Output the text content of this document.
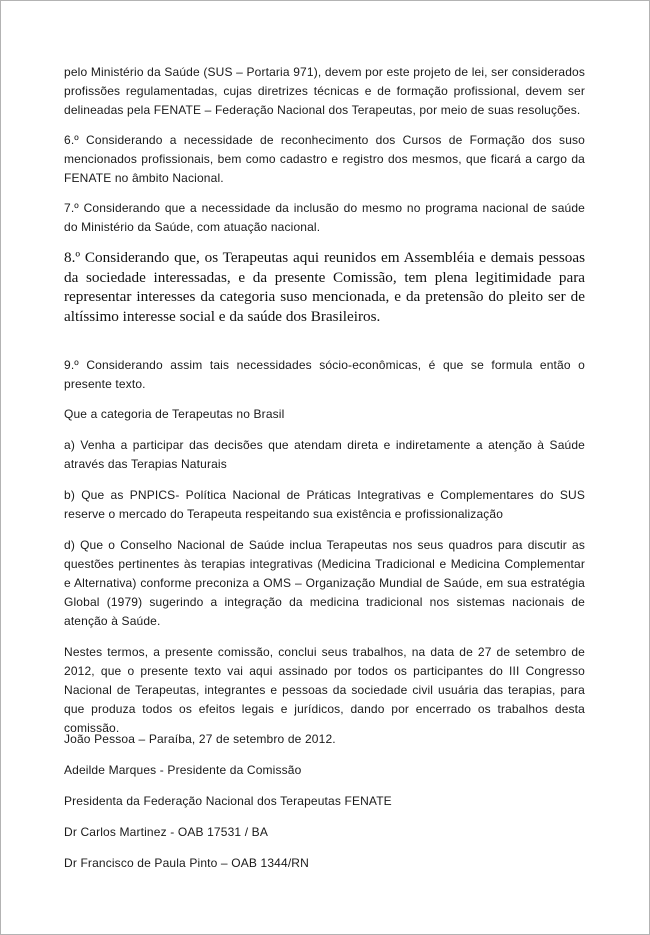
pelo Ministério da Saúde (SUS – Portaria 971), devem por este projeto de lei, ser considerados profissões regulamentadas, cujas diretrizes técnicas e de formação profissional, devem ser delineadas pela FENATE – Federação Nacional dos Terapeutas, por meio de suas resoluções.

6.º Considerando a necessidade de reconhecimento dos Cursos de Formação dos suso mencionados profissionais, bem como cadastro e registro dos mesmos, que ficará a cargo da FENATE no âmbito Nacional.

7.º Considerando que a necessidade da inclusão do mesmo no programa nacional de saúde do Ministério da Saúde, com atuação nacional.

8.º Considerando que, os Terapeutas aqui reunidos em Assembléia e demais pessoas da sociedade interessadas, e da presente Comissão, tem plena legitimidade para representar interesses da categoria suso mencionada, e da pretensão do pleito ser de altíssimo interesse social e da saúde dos Brasileiros.

9.º Considerando assim tais necessidades sócio-econômicas, é que se formula então o presente texto.

Que a categoria de Terapeutas no Brasil

a) Venha a participar das decisões que atendam direta e indiretamente a atenção à Saúde através das Terapias Naturais

b) Que as PNPICS- Política Nacional de Práticas Integrativas e Complementares do SUS reserve o mercado do Terapeuta respeitando sua existência e profissionalização

d) Que o Conselho Nacional de Saúde inclua Terapeutas nos seus quadros para discutir as questões pertinentes às terapias integrativas (Medicina Tradicional e Medicina Complementar e Alternativa) conforme preconiza a OMS – Organização Mundial de Saúde, em sua estratégia Global (1979) sugerindo a integração da medicina tradicional nos sistemas nacionais de atenção à Saúde.

Nestes termos, a presente comissão, conclui seus trabalhos, na data de 27 de setembro de 2012, que o presente texto vai aqui assinado por todos os participantes do III Congresso Nacional de Terapeutas, integrantes e pessoas da sociedade civil usuária das terapias, para que produza todos os efeitos legais e jurídicos, dando por encerrado os trabalhos desta comissão.

João Pessoa – Paraíba, 27 de setembro de 2012.

Adeilde Marques - Presidente da Comissão

Presidenta da Federação Nacional dos Terapeutas FENATE

Dr Carlos Martinez - OAB 17531 / BA

Dr Francisco de Paula Pinto – OAB 1344/RN
